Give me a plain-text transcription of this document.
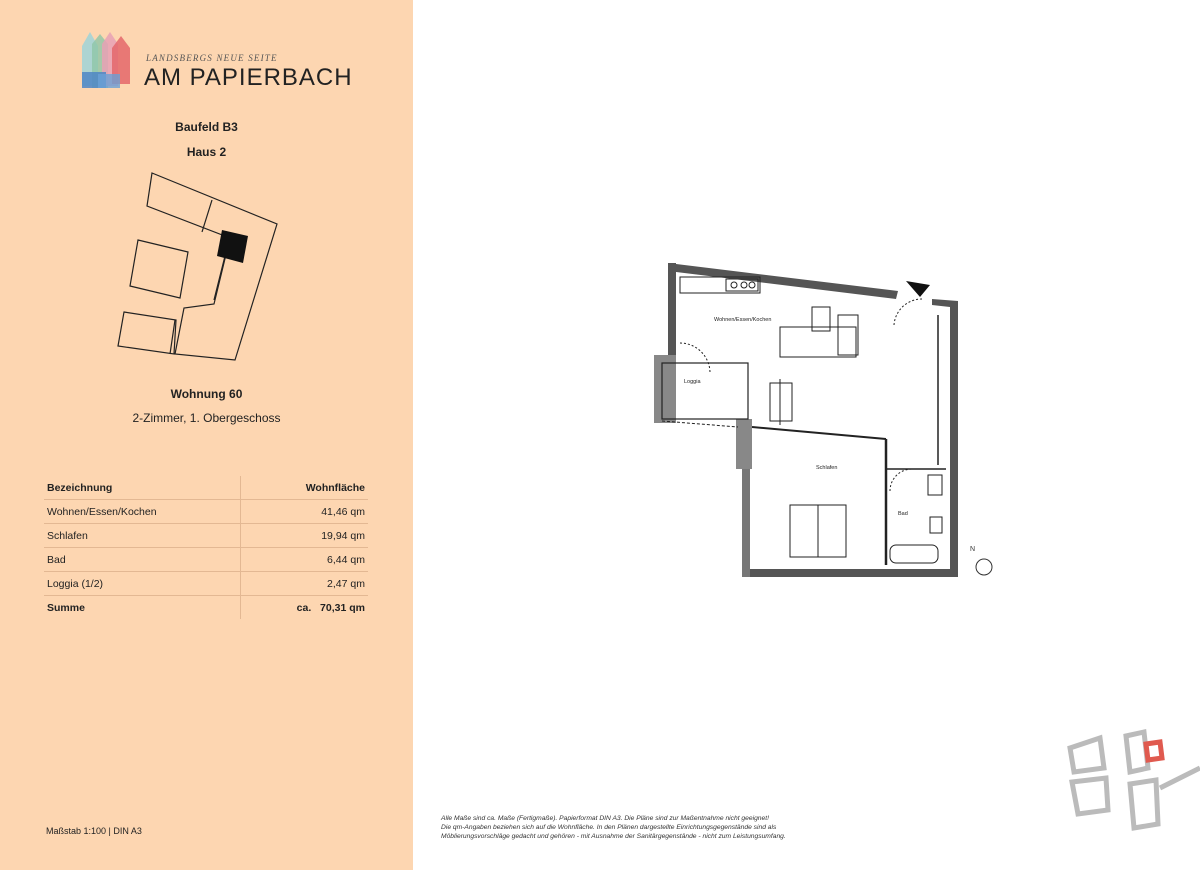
LANDSBERGS NEUE SEITE
AM PAPIERBACH
Baufeld B3
Haus 2
Wohnung 60
2-Zimmer, 1. Obergeschoss
Bezeichnung	Wohnfläche
Wohnen/Essen/Kochen	41,46 qm
Schlafen	19,94 qm
Bad	6,44 qm
Loggia (1/2)	2,47 qm
Summe	ca. 70,31 qm
Maßstab 1:100 | DIN A3
Wohnen/Essen/Kochen
Loggia
Schlafen
Bad
N
Alle Maße sind ca. Maße (Fertigmaße). Papierformat DIN A3. Die Pläne sind zur Maßentnahme nicht geeignet!
Die qm-Angaben beziehen sich auf die Wohnfläche. In den Plänen dargestellte Einrichtungsgegenstände sind als
Möblierungsvorschläge gedacht und gehören - mit Ausnahme der Sanitärgegenstände - nicht zum Leistungsumfang.
